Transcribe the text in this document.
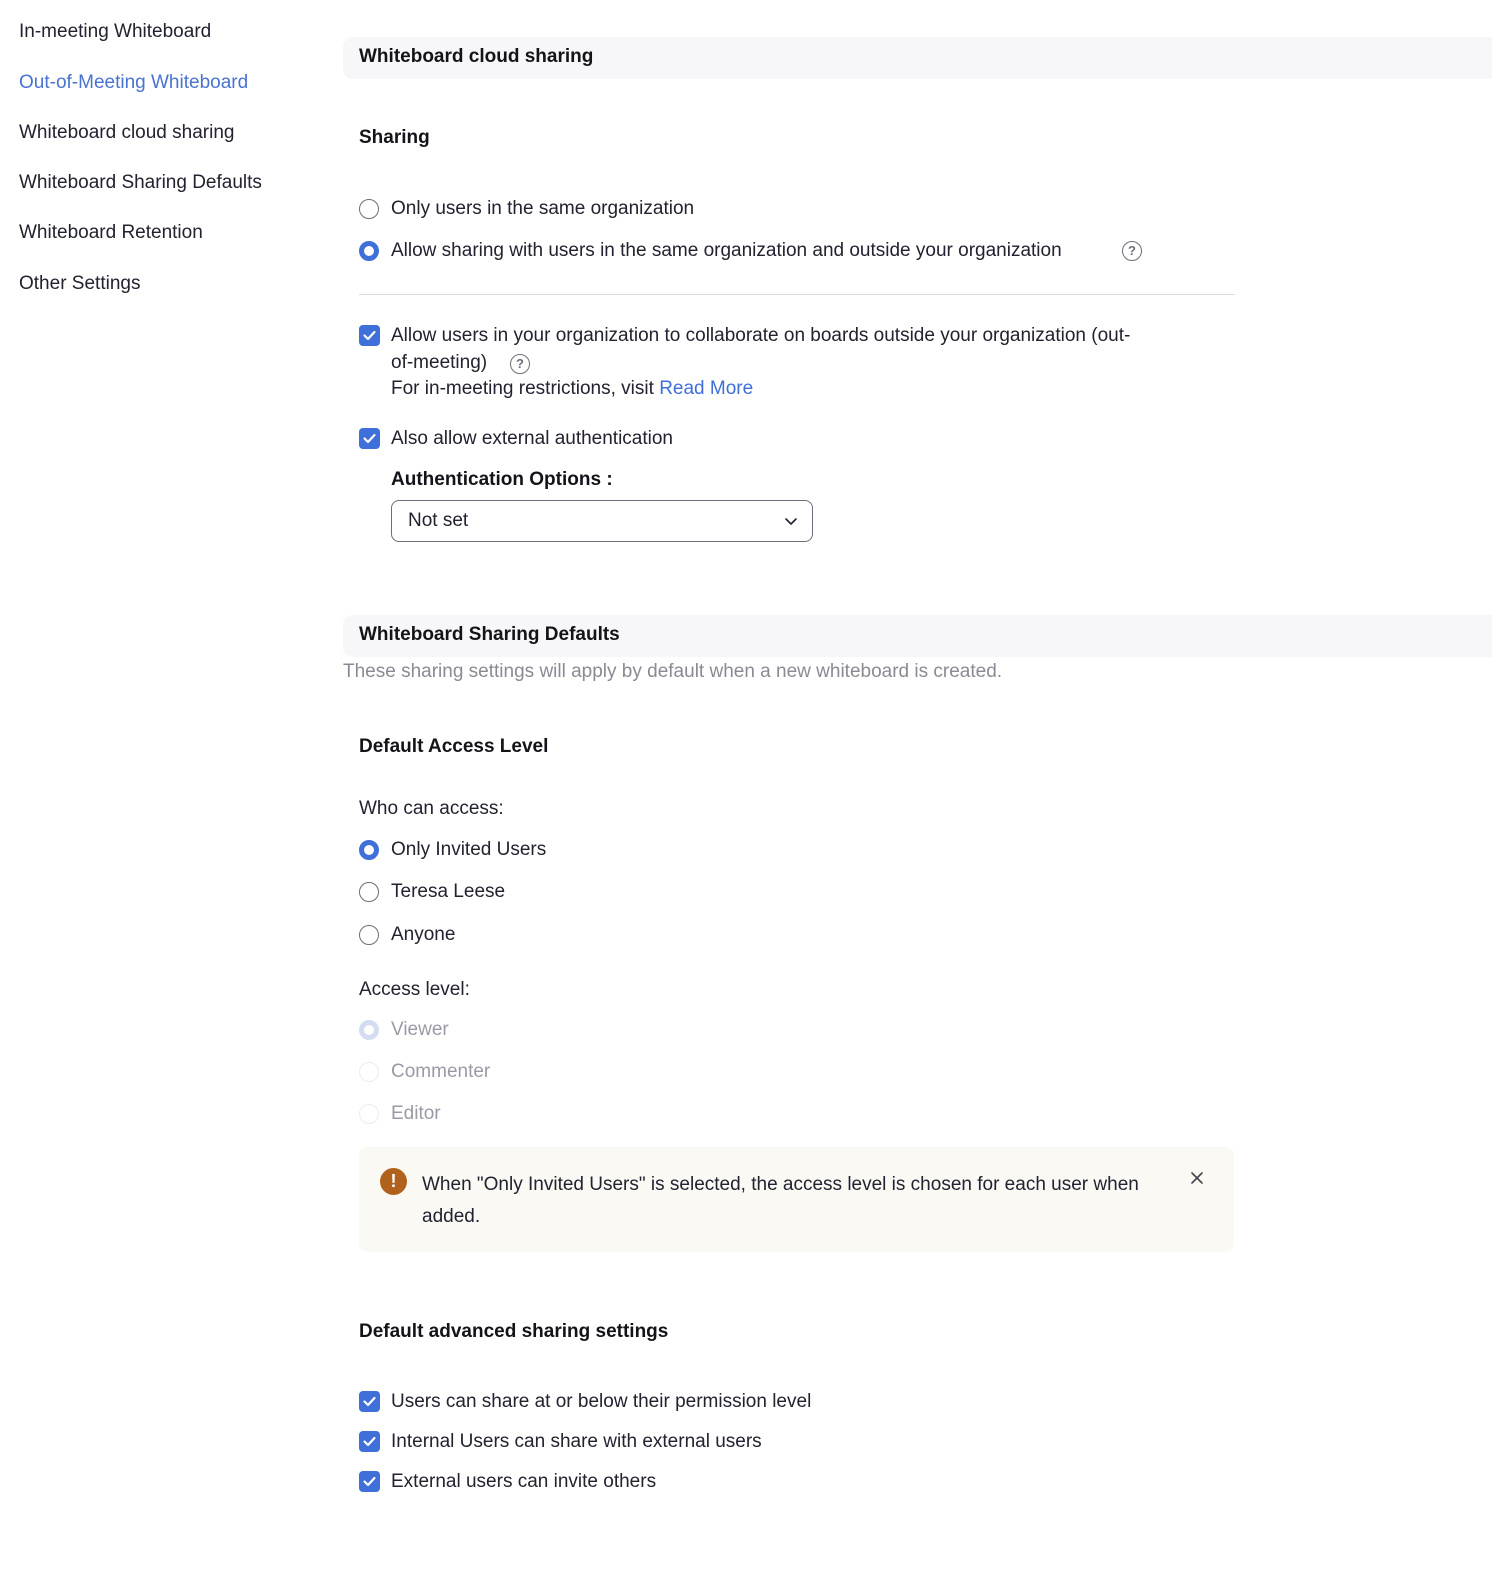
In-meeting Whiteboard
Out-of-Meeting Whiteboard
Whiteboard cloud sharing
Whiteboard Sharing Defaults
Whiteboard Retention
Other Settings
Whiteboard cloud sharing
Sharing
Only users in the same organization
Allow sharing with users in the same organization and outside your organization	?
Allow users in your organization to collaborate on boards outside your organization (out-
of-meeting)	?
For in-meeting restrictions, visit Read More
Also allow external authentication
Authentication Options :
Not set
Whiteboard Sharing Defaults
These sharing settings will apply by default when a new whiteboard is created.
Default Access Level
Who can access:
Only Invited Users
Teresa Leese
Anyone
Access level:
Viewer
Commenter
Editor
!	When "Only Invited Users" is selected, the access level is chosen for each user when added.
Default advanced sharing settings
Users can share at or below their permission level
Internal Users can share with external users
External users can invite others
